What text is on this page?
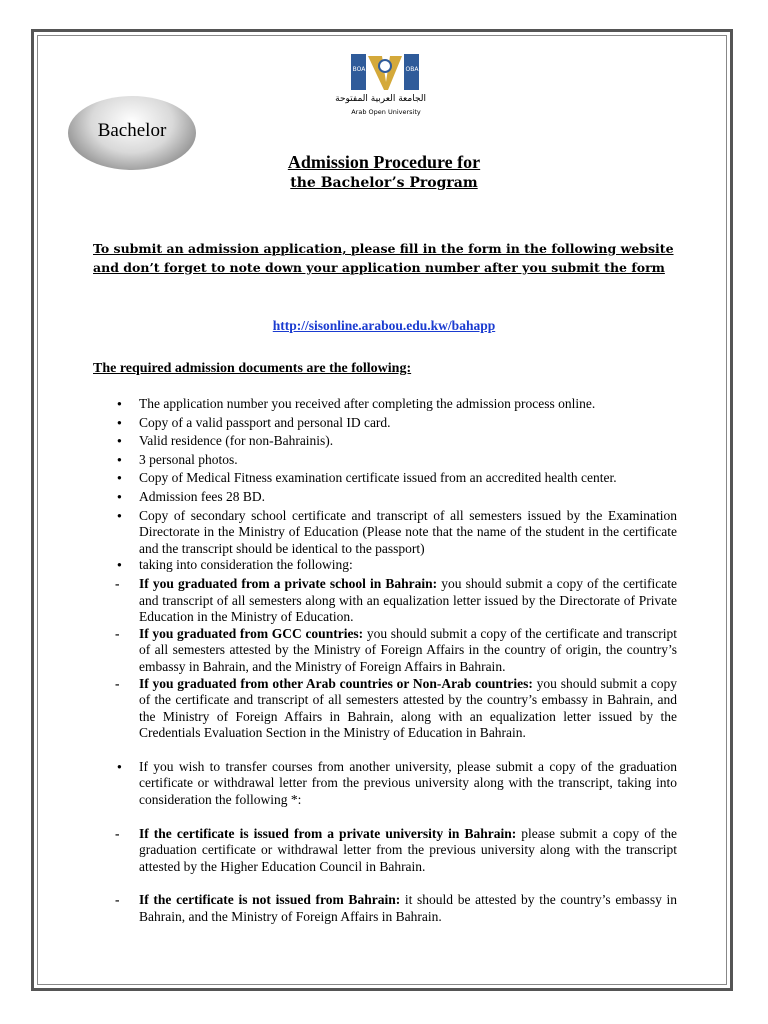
Bachelor
BOA	OBA
الجامعة العربية المفتوحة
Arab Open University
Admission Procedure for
the Bachelor’s Program
To submit an admission application, please fill in the form in the following website and don’t forget to note down your application number after you submit the form
http://sisonline.arabou.edu.kw/bahapp
The required admission documents are the following:
●
The application number you received after completing the admission process online.
●
Copy of a valid passport and personal ID card.
●
Valid residence (for non-Bahrainis).
●
3 personal photos.
●
Copy of Medical Fitness examination certificate issued from an accredited health center.
●
Admission fees 28 BD.
●
Copy of secondary school certificate and transcript of all semesters issued by the Examination Directorate in the Ministry of Education (Please note that the name of the student in the certificate and the transcript should be identical to the passport)
●
taking into consideration the following:
-	If you graduated from a private school in Bahrain: you should submit a copy of the certificate and transcript of all semesters along with an equalization letter issued by the Directorate of Private Education in the Ministry of Education.
-	If you graduated from GCC countries: you should submit a copy of the certificate and transcript of all semesters attested by the Ministry of Foreign Affairs in the country of origin, the country’s embassy in Bahrain, and the Ministry of Foreign Affairs in Bahrain.
-	If you graduated from other Arab countries or Non-Arab countries: you should submit a copy of the certificate and transcript of all semesters attested by the country’s embassy in Bahrain, and the Ministry of Foreign Affairs in Bahrain, along with an equalization letter issued by the Credentials Evaluation Section in the Ministry of Education in Bahrain.
●
If you wish to transfer courses from another university, please submit a copy of the graduation certificate or withdrawal letter from the previous university along with the transcript, taking into consideration the following *:
-	If the certificate is issued from a private university in Bahrain: please submit a copy of the graduation certificate or withdrawal letter from the previous university along with the transcript attested by the Higher Education Council in Bahrain.
-	If the certificate is not issued from Bahrain: it should be attested by the country’s embassy in Bahrain, and the Ministry of Foreign Affairs in Bahrain.
